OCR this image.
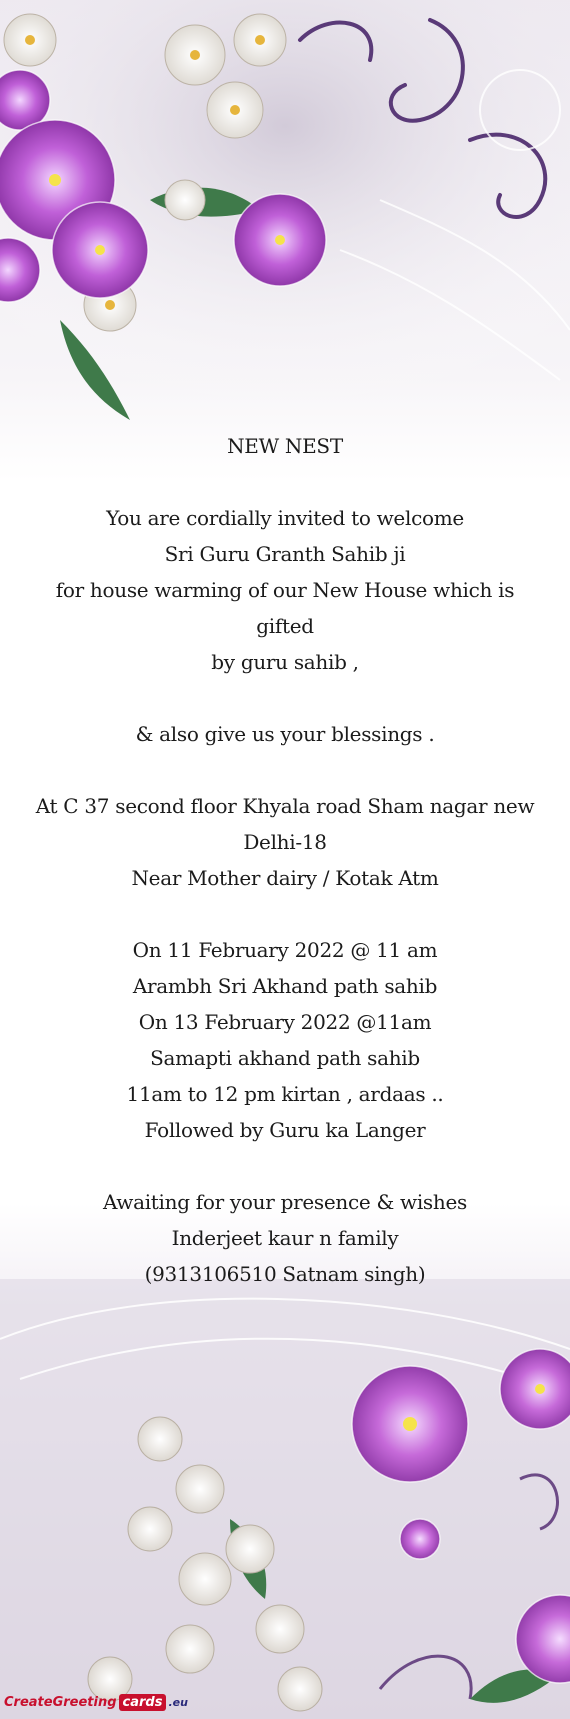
NEW NEST
You are cordially invited to welcome
Sri Guru Granth Sahib ji
for house warming of our New House which is gifted
by guru sahib ,
& also give us your blessings .
At C 37 second floor Khyala road Sham nagar new
Delhi-18
Near Mother dairy / Kotak Atm
On 11 February 2022 @ 11 am
Arambh Sri Akhand path sahib
On 13 February 2022 @11am
Samapti akhand path sahib
11am to 12 pm kirtan , ardaas ..
Followed by Guru ka Langer
Awaiting for your presence & wishes
Inderjeet kaur n family
(9313106510 Satnam singh)
CreateGreeting cards .eu
